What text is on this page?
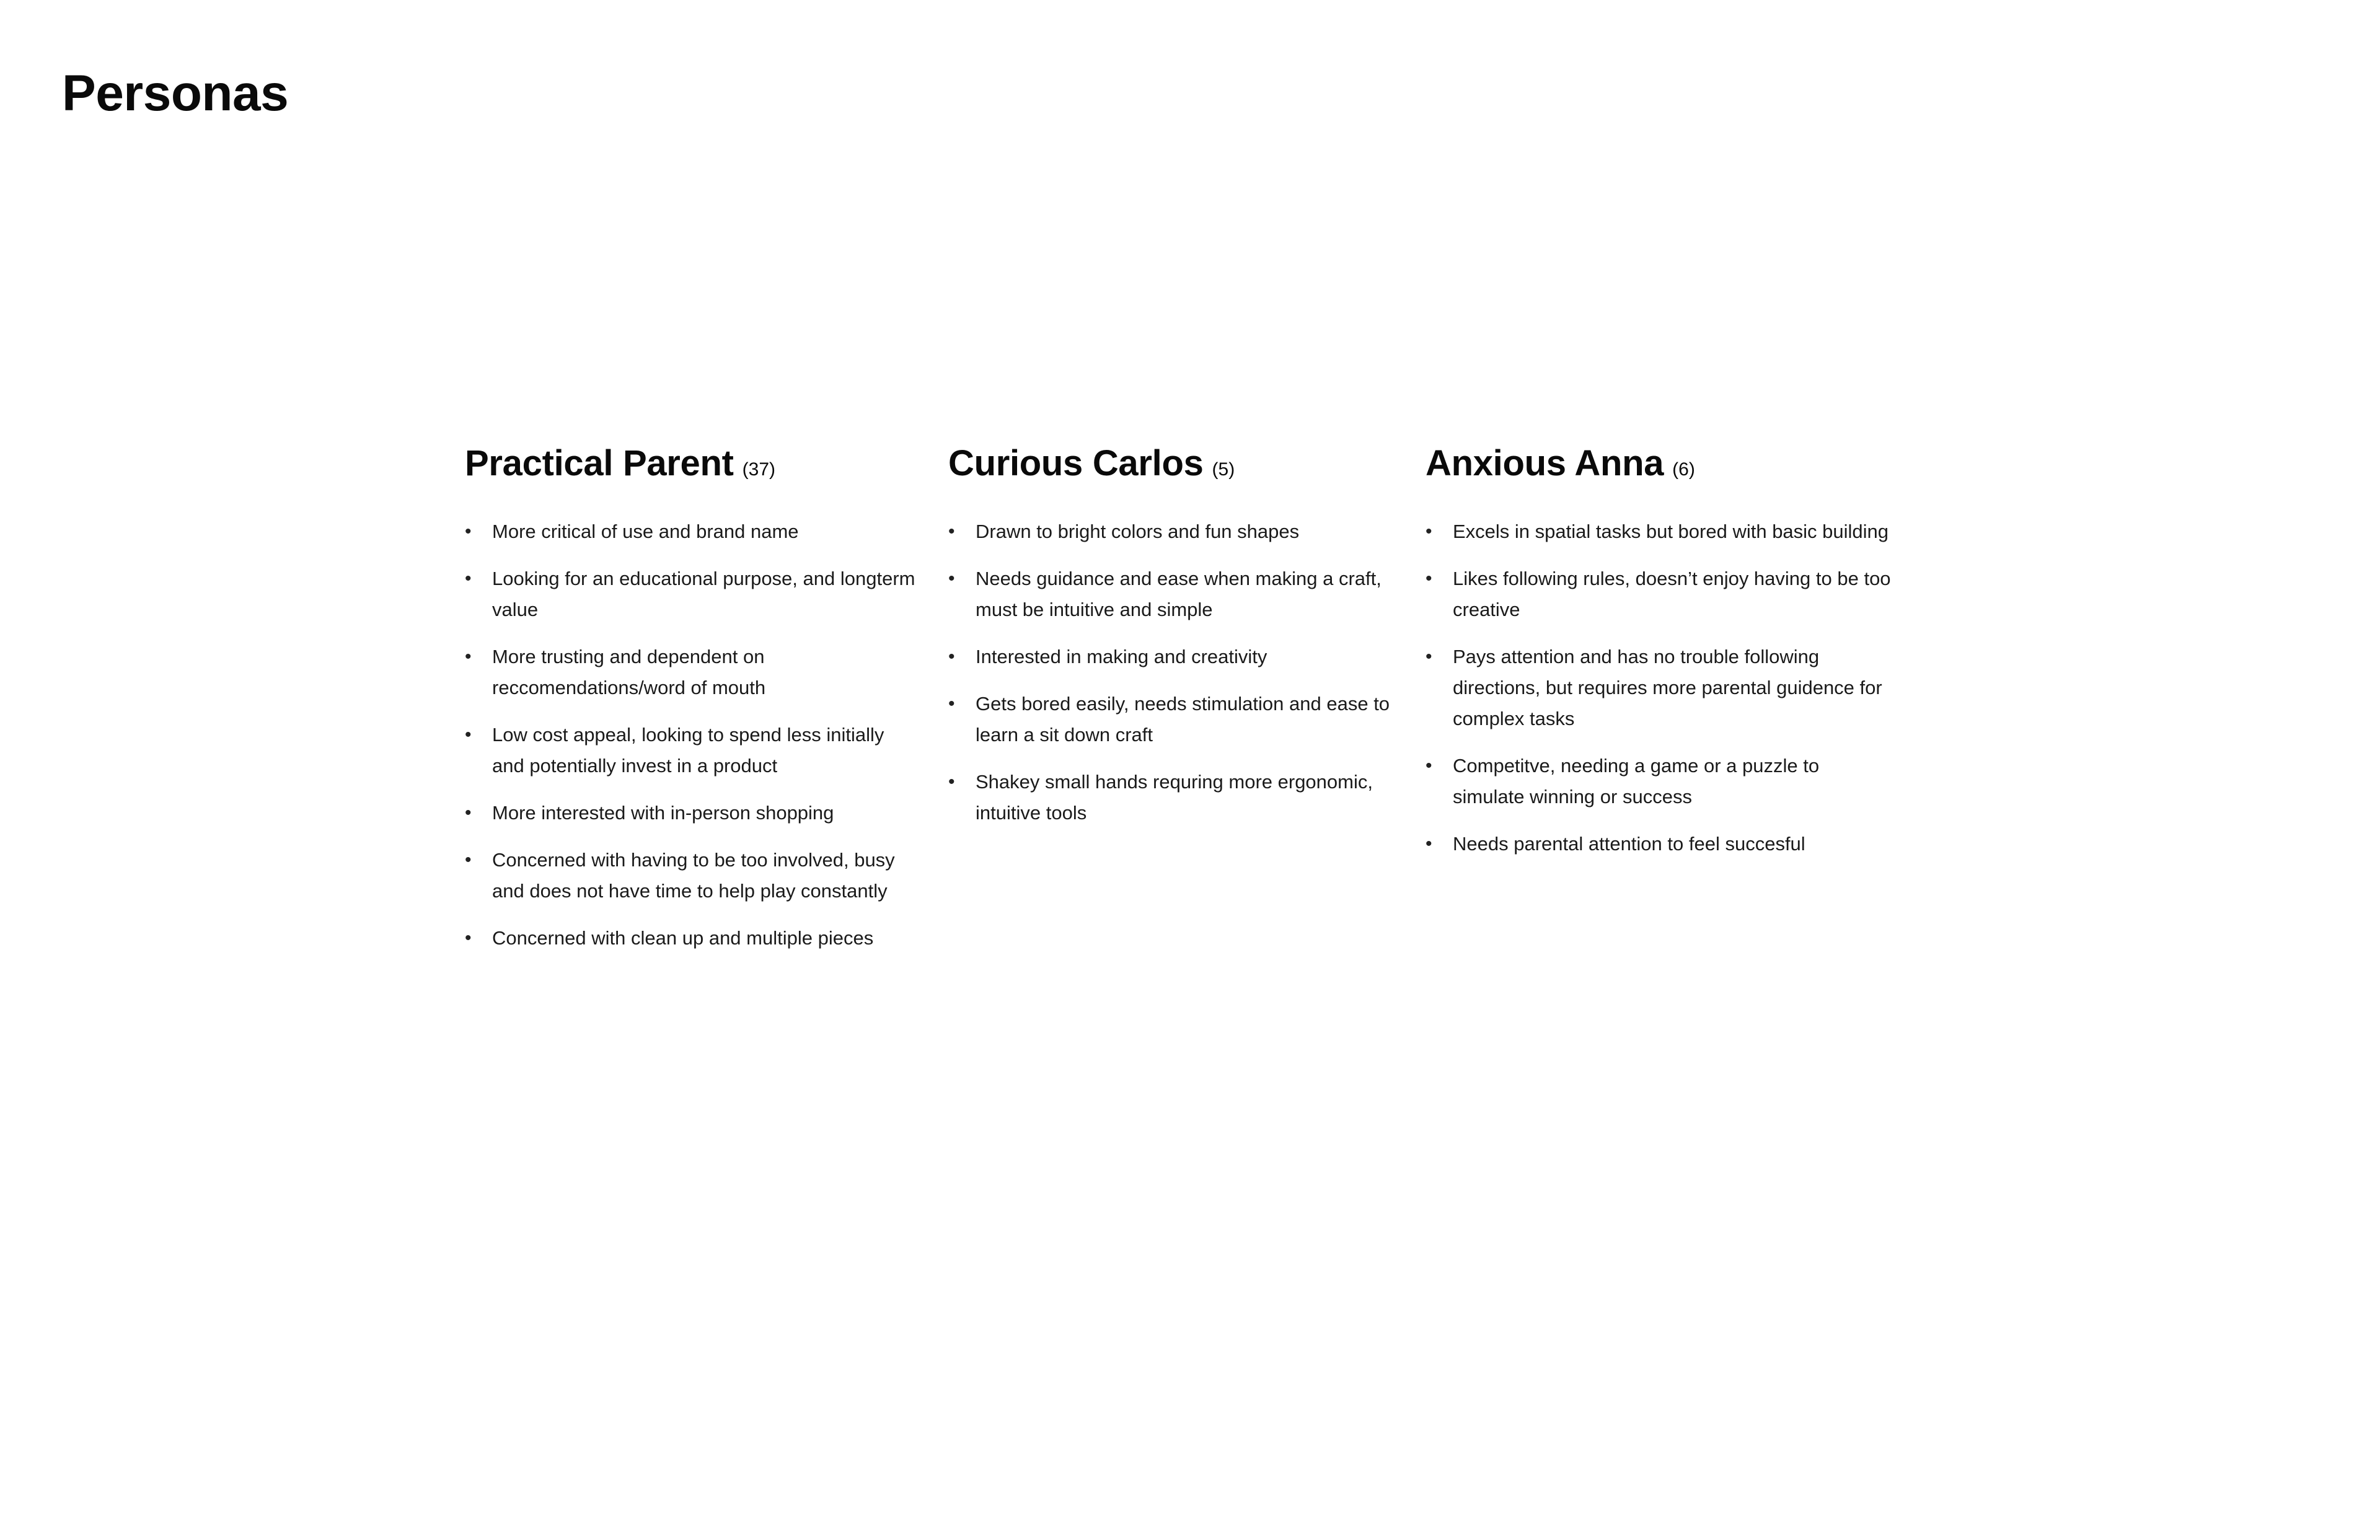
Personas
Practical Parent (37)
•	More critical of use and brand name
•	Looking for an educational purpose, and longterm value
•	More trusting and dependent on reccomendations/word of mouth
•	Low cost appeal, looking to spend less initially and potentially invest in a product
•	More interested with in-person shopping
•	Concerned with having to be too involved, busy and does not have time to help play constantly
•	Concerned with clean up and multiple pieces
Curious Carlos (5)
•	Drawn to bright colors and fun shapes
•	Needs guidance and ease when making a craft, must be intuitive and simple
•	Interested in making and creativity
•	Gets bored easily, needs stimulation and ease to learn a sit down craft
•	Shakey small hands requring more ergonomic, intuitive tools
Anxious Anna (6)
•	Excels in spatial tasks but bored with basic building
•	Likes following rules, doesn’t enjoy having to be too creative
•	Pays attention and has no trouble following directions, but requires more parental guidence for complex tasks
•	Competitve, needing a game or a puzzle to simulate winning or success
•	Needs parental attention to feel succesful
